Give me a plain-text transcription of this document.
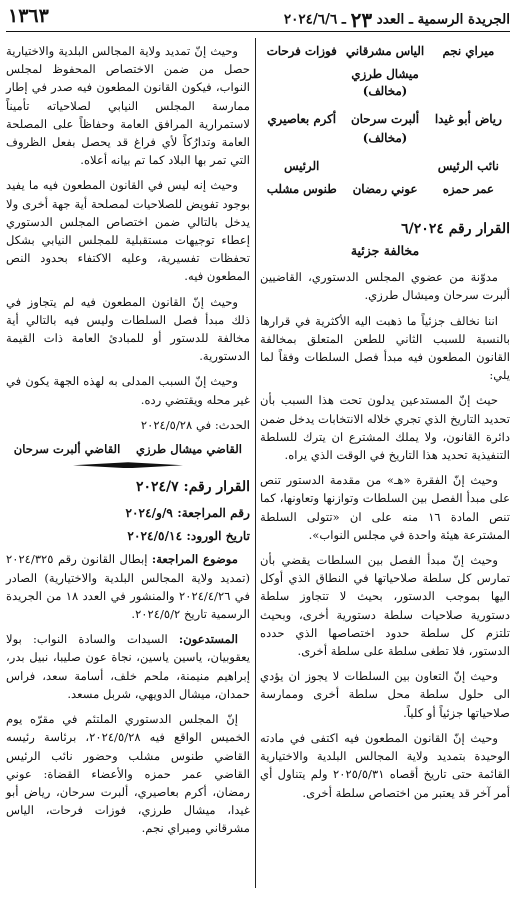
الجريدة الرسمية ـ العدد ٢٣ ـ ٢٠٢٤/٦/٦
١٣٦٣
ميراي نجم
الياس مشرقاني
فوزات فرحات
ميشال طرزي
(مخالف)
رياض أبو غيدا
ألبرت سرحان
أكرم بعاصيري
(مخالف)
نائب الرئيس
الرئيس
عمر حمزه
عوني رمضان
طنوس مشلب
القرار رقم ٦/٢٠٢٤
مخالفة جزئية

مدوّنة من عضوي المجلس الدستوري، القاضيين ألبرت سرحان وميشال طرزي.

اننا نخالف جزئياً ما ذهبت اليه الأكثرية في قرارها بالنسبة للسبب الثاني للطعن المتعلق بمخالفة القانون المطعون فيه مبدأ فصل السلطات وفقاً لما يلي:

حيث إنّ المستدعين يدلون تحت هذا السبب بأن تحديد التاريخ الذي تجري خلاله الانتخابات يدخل ضمن دائرة القانون، ولا يملك المشترع ان يترك للسلطة التنفيذية تحديد هذا التاريخ في الوقت الذي يراه.

وحيث إنّ الفقرة «هـ» من مقدمة الدستور تنص على مبدأ الفصل بين السلطات وتوازنها وتعاونها، كما تنص المادة ١٦ منه على ان «تتولى السلطة المشترعة هيئة واحدة في مجلس النواب».

وحيث إنّ مبدأ الفصل بين السلطات يقضي بأن تمارس كل سلطة صلاحياتها في النطاق الذي أوكل اليها بموجب الدستور، بحيث لا تتجاوز سلطة دستورية صلاحيات سلطة دستورية أخرى، وبحيث تلتزم كل سلطة حدود اختصاصها الذي حدده الدستور، فلا تطغى سلطة على سلطة أخرى.

وحيث إنّ التعاون بين السلطات لا يجوز ان يؤدي الى حلول سلطة محل سلطة أخرى وممارسة صلاحياتها جزئياً أو كلياً.

وحيث إنّ القانون المطعون فيه اكتفى في مادته الوحيدة بتمديد ولاية المجالس البلدية والاختيارية القائمة حتى تاريخ أقصاه ٢٠٢٥/٥/٣١ ولم يتناول أي أمر آخر قد يعتبر من اختصاص سلطة أخرى.

وحيث إنّ تمديد ولاية المجالس البلدية والاختيارية حصل من ضمن الاختصاص المحفوظ لمجلس النواب، فيكون القانون المطعون فيه صدر في إطار ممارسة المجلس النيابي لصلاحياته تأميناً لاستمرارية المرافق العامة وحفاظاً على المصلحة العامة وتدارُكاً لأي فراغ قد يحصل بفعل الظروف التي تمر بها البلاد كما تم بيانه أعلاه.

وحيث إنه ليس في القانون المطعون فيه ما يفيد بوجود تفويض للصلاحيات لمصلحة أية جهة أخرى ولا يدخل بالتالي ضمن اختصاص المجلس الدستوري إعطاء توجيهات مستقبلية للمجلس النيابي بشكل تحفظات تفسيرية، وعليه الاكتفاء بحدود النص المطعون فيه.

وحيث إنّ القانون المطعون فيه لم يتجاوز في ذلك مبدأ فصل السلطات وليس فيه بالتالي أية مخالفة للدستور أو للمبادئ العامة ذات القيمة الدستورية.

وحيث إنّ السبب المدلى به لهذه الجهة يكون في غير محله ويقتضي رده.

الحدث: في ٢٠٢٤/٥/٢٨
القاضي ميشال طرزي
القاضي ألبرت سرحان
القرار رقم: ٢٠٢٤/٧
رقم المراجعة: ٩/و/٢٠٢٤
تاريخ الورود: ٢٠٢٤/٥/١٤

موضوع المراجعة: إبطال القانون رقم ٢٠٢٤/٣٢٥ (تمديد ولاية المجالس البلدية والاختيارية) الصادر في ٢٠٢٤/٤/٢٦ والمنشور في العدد ١٨ من الجريدة الرسمية تاريخ ٢٠٢٤/٥/٢.

المستدعون: السيدات والسادة النواب: بولا يعقوبيان، ياسين ياسين، نجاة عون صليبا، نبيل بدر، إبراهيم منيمنة، ملحم خلف، أسامة سعد، فراس حمدان، ميشال الدويهي، شربل مسعد.

إنّ المجلس الدستوري الملتئم في مقرّه يوم الخميس الواقع فيه ٢٠٢٤/٥/٢٨، برئاسة رئيسه القاضي طنوس مشلب وحضور نائب الرئيس القاضي عمر حمزه والأعضاء القضاة: عوني رمضان، أكرم بعاصيري، ألبرت سرحان، رياض أبو غيدا، ميشال طرزي، فوزات فرحات، الياس مشرقاني وميراي نجم.
